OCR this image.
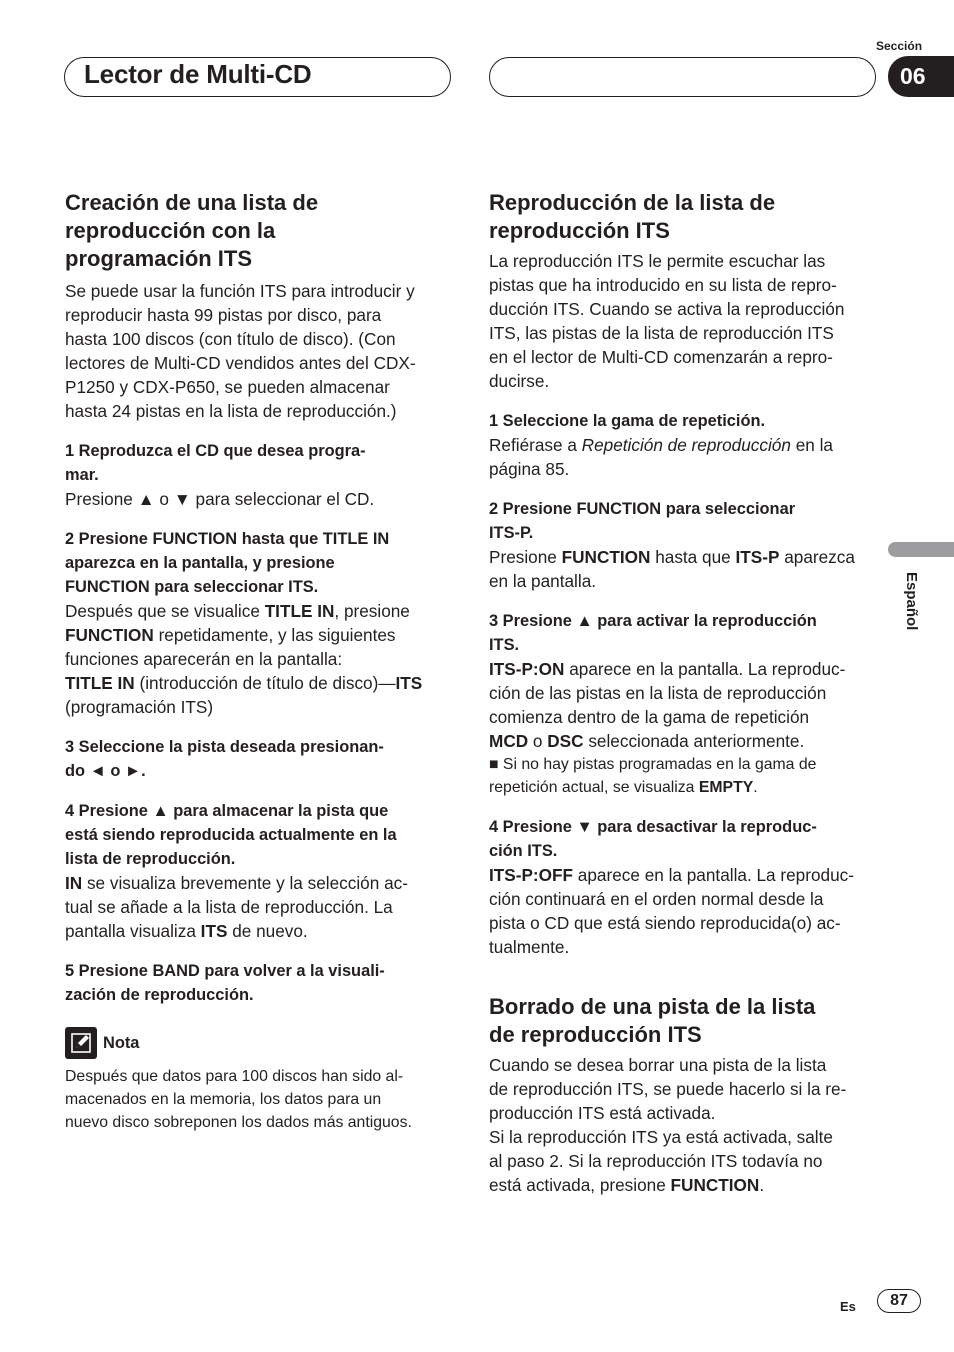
Lector de Multi-CD
Sección
06
Español
Creación de una lista de
reproducción con la
programación ITS

Se puede usar la función ITS para introducir y
reproducir hasta 99 pistas por disco, para
hasta 100 discos (con título de disco). (Con
lectores de Multi-CD vendidos antes del CDX-
P1250 y CDX-P650, se pueden almacenar
hasta 24 pistas en la lista de reproducción.)

1 Reproduzca el CD que desea progra-
mar.

Presione ▲ o ▼ para seleccionar el CD.

2 Presione FUNCTION hasta que TITLE IN
aparezca en la pantalla, y presione
FUNCTION para seleccionar ITS.

Después que se visualice TITLE IN, presione
FUNCTION repetidamente, y las siguientes
funciones aparecerán en la pantalla:
TITLE IN (introducción de título de disco)—ITS
(programación ITS)

3 Seleccione la pista deseada presionan-
do ◄ o ►.

4 Presione ▲ para almacenar la pista que
está siendo reproducida actualmente en la
lista de reproducción.

IN se visualiza brevemente y la selección ac-
tual se añade a la lista de reproducción. La
pantalla visualiza ITS de nuevo.

5 Presione BAND para volver a la visuali-
zación de reproducción.

Nota

Después que datos para 100 discos han sido al-
macenados en la memoria, los datos para un
nuevo disco sobreponen los dados más antiguos.

Reproducción de la lista de
reproducción ITS

La reproducción ITS le permite escuchar las
pistas que ha introducido en su lista de repro-
ducción ITS. Cuando se activa la reproducción
ITS, las pistas de la lista de reproducción ITS
en el lector de Multi-CD comenzarán a repro-
ducirse.

1 Seleccione la gama de repetición.

Refiérase a Repetición de reproducción en la
página 85.

2 Presione FUNCTION para seleccionar
ITS-P.

Presione FUNCTION hasta que ITS-P aparezca
en la pantalla.

3 Presione ▲ para activar la reproducción
ITS.

ITS-P:ON aparece en la pantalla. La reproduc-
ción de las pistas en la lista de reproducción
comienza dentro de la gama de repetición
MCD o DSC seleccionada anteriormente.

■ Si no hay pistas programadas en la gama de
repetición actual, se visualiza EMPTY.

4 Presione ▼ para desactivar la reproduc-
ción ITS.

ITS-P:OFF aparece en la pantalla. La reproduc-
ción continuará en el orden normal desde la
pista o CD que está siendo reproducida(o) ac-
tualmente.

Borrado de una pista de la lista
de reproducción ITS

Cuando se desea borrar una pista de la lista
de reproducción ITS, se puede hacerlo si la re-
producción ITS está activada.
Si la reproducción ITS ya está activada, salte
al paso 2. Si la reproducción ITS todavía no
está activada, presione FUNCTION.

Es	87
